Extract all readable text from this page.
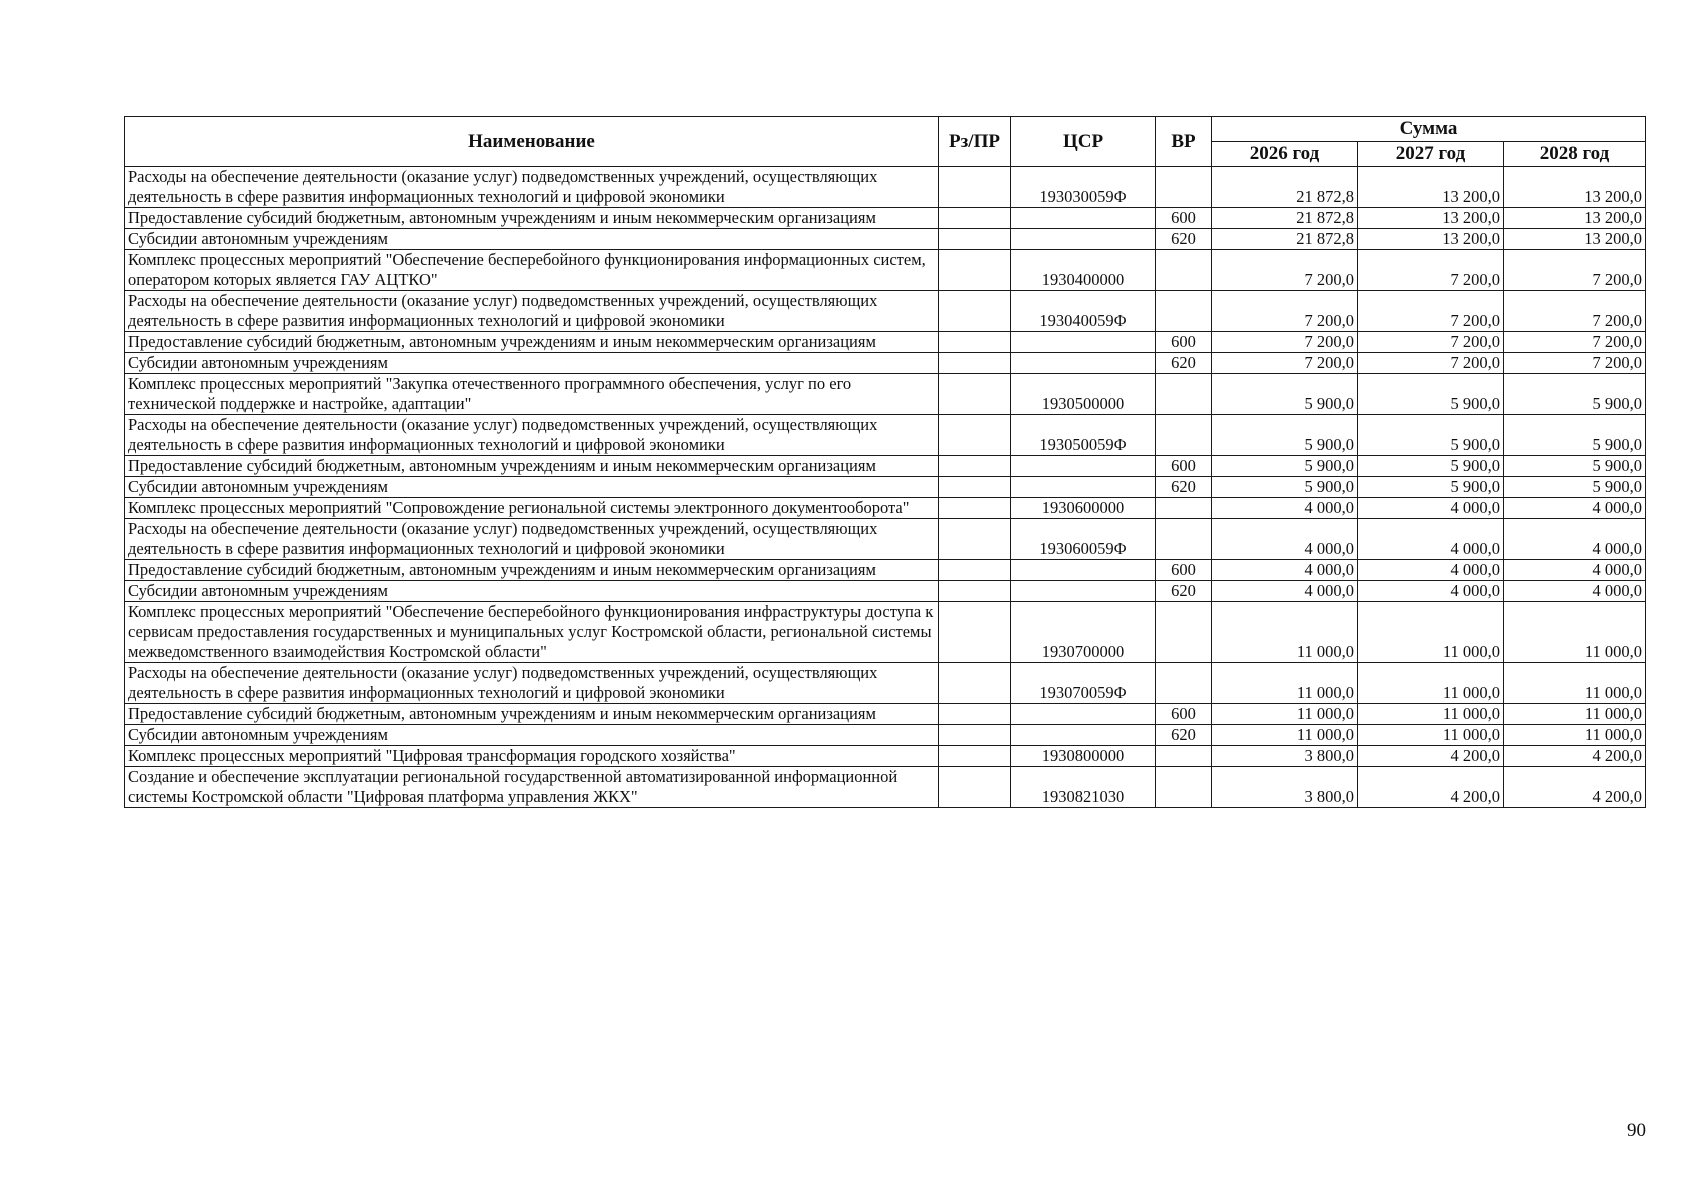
Наименование	Рз/ПР	ЦСР	ВР	Сумма		
				2026 год	2027 год	2028 год
Расходы на обеспечение деятельности (оказание услуг) подведомственных учреждений, осуществляющих деятельность в сфере развития информационных технологий и цифровой экономики		193030059Ф		21 872,8	13 200,0	13 200,0
Предоставление субсидий бюджетным, автономным учреждениям и иным некоммерческим организациям			600	21 872,8	13 200,0	13 200,0
Субсидии автономным учреждениям			620	21 872,8	13 200,0	13 200,0
Комплекс процессных мероприятий "Обеспечение бесперебойного функционирования информационных систем, оператором которых является ГАУ АЦТКО"		1930400000		7 200,0	7 200,0	7 200,0
Расходы на обеспечение деятельности (оказание услуг) подведомственных учреждений, осуществляющих деятельность в сфере развития информационных технологий и цифровой экономики		193040059Ф		7 200,0	7 200,0	7 200,0
Предоставление субсидий бюджетным, автономным учреждениям и иным некоммерческим организациям			600	7 200,0	7 200,0	7 200,0
Субсидии автономным учреждениям			620	7 200,0	7 200,0	7 200,0
Комплекс процессных мероприятий "Закупка отечественного программного обеспечения, услуг по его технической поддержке и настройке, адаптации"		1930500000		5 900,0	5 900,0	5 900,0
Расходы на обеспечение деятельности (оказание услуг) подведомственных учреждений, осуществляющих деятельность в сфере развития информационных технологий и цифровой экономики		193050059Ф		5 900,0	5 900,0	5 900,0
Предоставление субсидий бюджетным, автономным учреждениям и иным некоммерческим организациям			600	5 900,0	5 900,0	5 900,0
Субсидии автономным учреждениям			620	5 900,0	5 900,0	5 900,0
Комплекс процессных мероприятий "Сопровождение региональной системы электронного документооборота"		1930600000		4 000,0	4 000,0	4 000,0
Расходы на обеспечение деятельности (оказание услуг) подведомственных учреждений, осуществляющих деятельность в сфере развития информационных технологий и цифровой экономики		193060059Ф		4 000,0	4 000,0	4 000,0
Предоставление субсидий бюджетным, автономным учреждениям и иным некоммерческим организациям			600	4 000,0	4 000,0	4 000,0
Субсидии автономным учреждениям			620	4 000,0	4 000,0	4 000,0
Комплекс процессных мероприятий "Обеспечение бесперебойного функционирования инфраструктуры доступа к сервисам предоставления государственных и муниципальных услуг Костромской области, региональной системы межведомственного взаимодействия Костромской области"		1930700000		11 000,0	11 000,0	11 000,0
Расходы на обеспечение деятельности (оказание услуг) подведомственных учреждений, осуществляющих деятельность в сфере развития информационных технологий и цифровой экономики		193070059Ф		11 000,0	11 000,0	11 000,0
Предоставление субсидий бюджетным, автономным учреждениям и иным некоммерческим организациям			600	11 000,0	11 000,0	11 000,0
Субсидии автономным учреждениям			620	11 000,0	11 000,0	11 000,0
Комплекс процессных мероприятий "Цифровая трансформация городского хозяйства"		1930800000		3 800,0	4 200,0	4 200,0
Создание и обеспечение эксплуатации региональной государственной автоматизированной информационной системы Костромской области "Цифровая платформа управления ЖКХ"		1930821030		3 800,0	4 200,0	4 200,0
90
